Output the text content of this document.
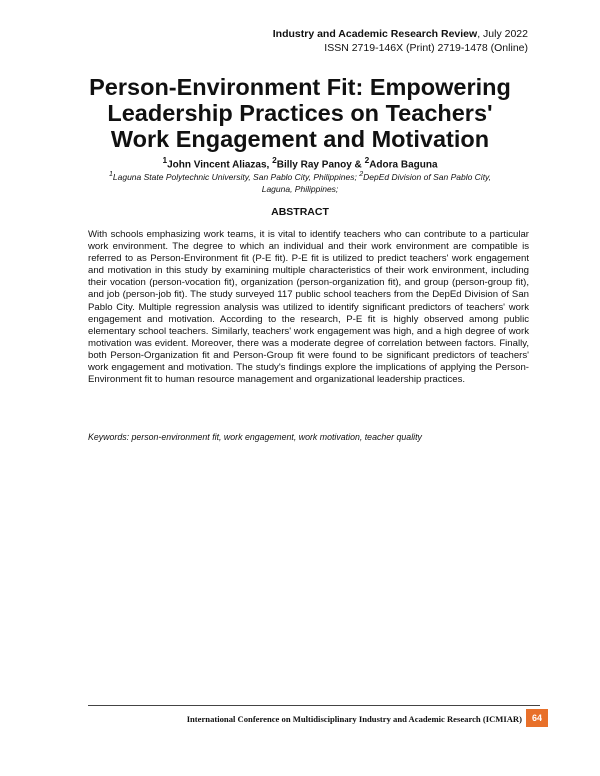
Industry and Academic Research Review, July 2022
ISSN 2719-146X (Print) 2719-1478 (Online)
Person-Environment Fit: Empowering
Leadership Practices on Teachers'
Work Engagement and Motivation
$^1$John Vincent Aliazas, $^2$Billy Ray Panoy & $^2$Adora Baguna
$^1$Laguna State Polytechnic University, San Pablo City, Philippines; $^2$DepEd Division of San Pablo City,
Laguna, Philippines;
ABSTRACT

With schools emphasizing work teams, it is vital to identify teachers who can contribute to a particular work environment. The degree to which an individual and their work environment are compatible is referred to as Person-Environment fit (P-E fit). P-E fit is utilized to predict teachers' work engagement and motivation in this study by examining multiple characteristics of their work environment, including their vocation (person-vocation fit), organization (person-organization fit), and group (person-group fit), and job (person-job fit). The study surveyed 117 public school teachers from the DepEd Division of San Pablo City. Multiple regression analysis was utilized to identify significant predictors of teachers' work engagement and motivation. According to the research, P-E fit is highly observed among public elementary school teachers. Similarly, teachers' work engagement was high, and a high degree of work motivation was evident. Moreover, there was a moderate degree of correlation between factors. Finally, both Person-Organization fit and Person-Group fit were found to be significant predictors of teachers' work engagement and motivation. The study's findings explore the implications of applying the Person-Environment fit to human resource management and organizational leadership practices.

Keywords: person-environment fit, work engagement, work motivation, teacher quality
International Conference on Multidisciplinary Industry and Academic Research (ICMIAR)	64
